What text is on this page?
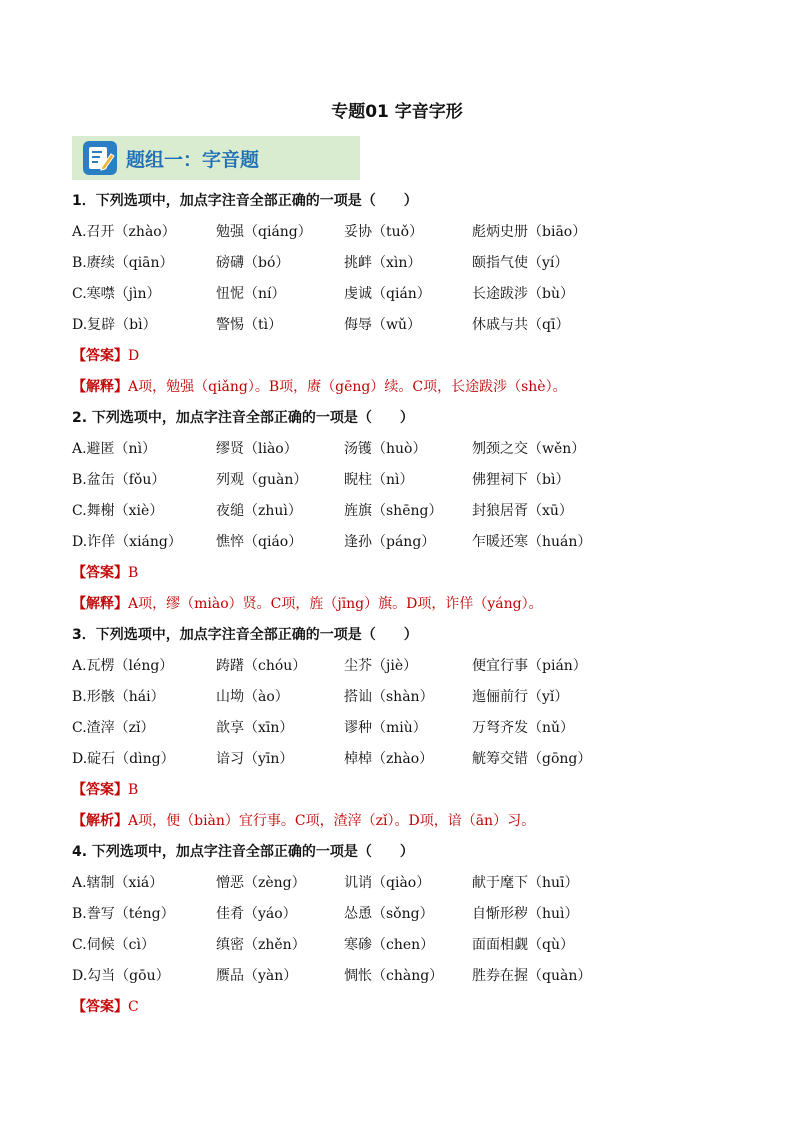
专题01 字音字形
题组一：字音题
1．下列选项中，加点字注音全部正确的一项是（　　）
A.召开（zhào）	勉强（qiáng） 妥协（tuǒ）	彪炳史册（biāo）
B.赓续（qiān）	磅礴（bó）	挑衅（xìn）	颐指气使（yí）
C.寒噤（jìn）	忸怩（ní）	虔诚（qián）	长途跋涉（bù）
D.复辟（bì）	警惕（tì）	侮辱（wǔ）	休戚与共（qī）
【答案】D
【解释】A项，勉强（qiǎng）。B项，赓（gēng）续。C项，长途跋涉（shè）。
2. 下列选项中，加点字注音全部正确的一项是（　　）
A.避匿（nì）	缪贤（liào）	汤镬（huò）	刎颈之交（wěn）
B.盆缶（fǒu）	列观（guàn）	睨柱（nì）	佛狸祠下（bì）
C.舞榭（xiè）	夜缒（zhuì）	旌旗（shēng） 封狼居胥（xū）
D.诈佯（xiáng） 憔悴（qiáo）	逢孙（páng）	乍暖还寒（huán）
【答案】B
【解释】A项，缪（miào）贤。C项，旌（jīng）旗。D项，诈佯（yáng）。
3．下列选项中，加点字注音全部正确的一项是（　　）
A.瓦楞（léng）	踌躇（chóu）	尘芥（jiè）	便宜行事（pián）
B.形骸（hái）	山坳（ào）	搭讪（shàn）	迤俪前行（yǐ）
C.渣滓（zǐ）	歆享（xīn）	谬种（miù）	万弩齐发（nǔ）
D.碇石（dìng）	谙习（yīn）	棹棹（zhào）	觥筹交错（gōng）
【答案】B
【解析】A项，便（biàn）宜行事。C项，渣滓（zǐ）。D项，谙（ān）习。
4. 下列选项中，加点字注音全部正确的一项是（　　）
A.辖制（xiá）	憎恶（zèng）	讥诮（qiào）	献于麾下（huī）
B.誊写（téng）	佳肴（yáo）	怂恿（sǒng）	自惭形秽（huì）
C.伺候（cì）	缜密（zhěn）	寒碜（chen）	面面相觑（qù）
D.勾当（gōu）	赝品（yàn）	惆怅（chàng） 胜券在握（quàn）
【答案】C
